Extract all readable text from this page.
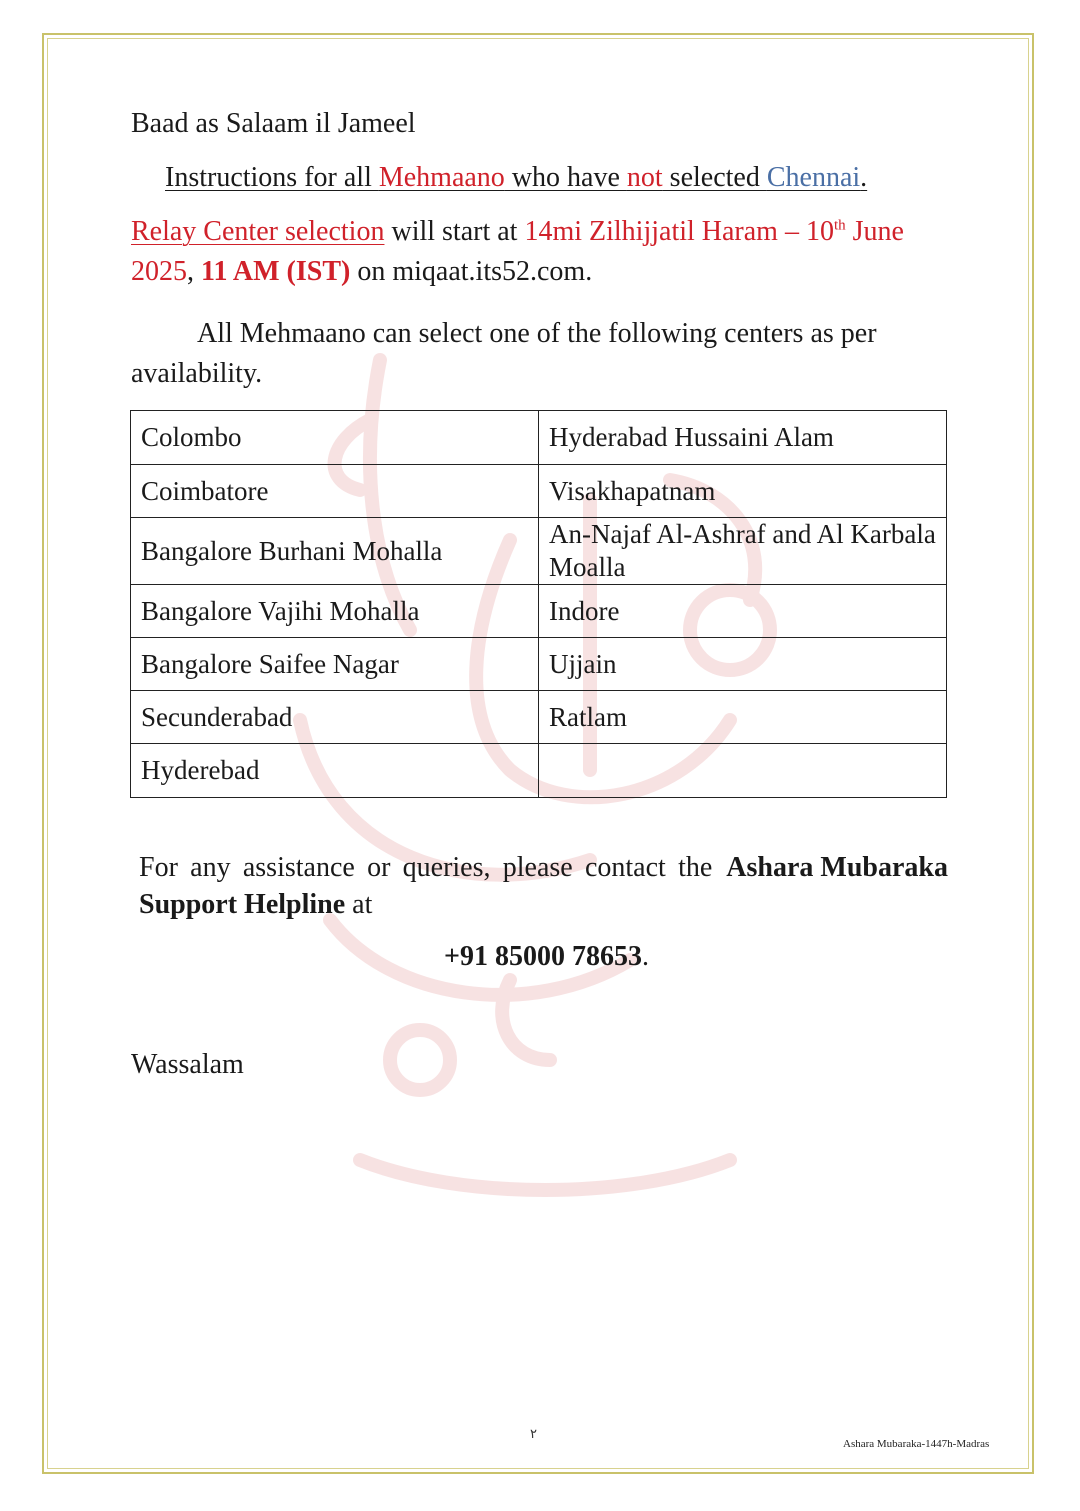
Baad as Salaam il Jameel
Instructions for all Mehmaano who have not selected Chennai.
Relay Center selection will start at 14mi Zilhijjatil Haram – 10th June
2025, 11 AM (IST) on miqaat.its52.com.
All Mehmaano can select one of the following centers as per
availability.
Colombo	Hyderabad Hussaini Alam
Coimbatore	Visakhapatnam
Bangalore Burhani Mohalla	An-Najaf Al-Ashraf and Al Karbala Moalla
Bangalore Vajihi Mohalla	Indore
Bangalore Saifee Nagar	Ujjain
Secunderabad	Ratlam
Hyderebad	
For any assistance or queries, please contact the Ashara Mubaraka
Support Helpline at
+91 85000 78653.
Wassalam
٢
Ashara Mubaraka-1447h-Madras
